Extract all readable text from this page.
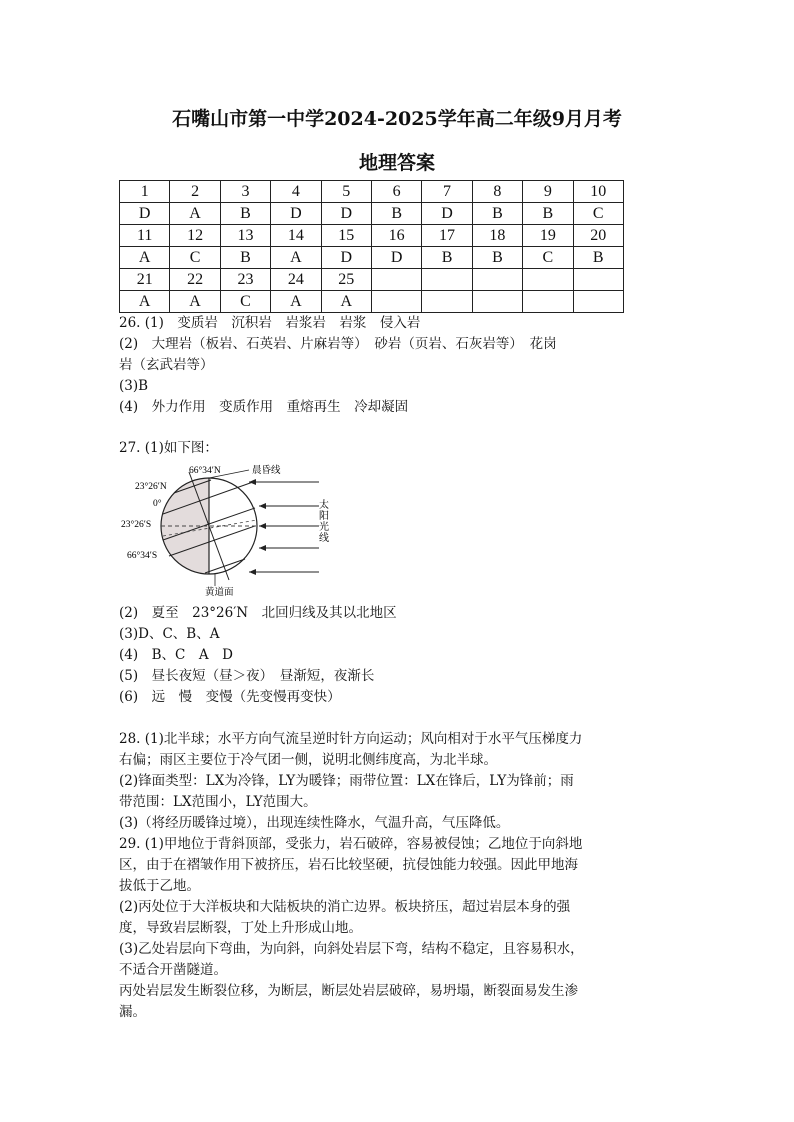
石嘴山市第一中学2024-2025学年高二年级9月月考
地理答案
1	2	3	4	5	6	7	8	9	10
D	A	B	D	D	B	D	B	B	C
11	12	13	14	15	16	17	18	19	20
A	C	B	A	D	D	B	B	C	B
21	22	23	24	25					
A	A	C	A	A					
26. (1)　变质岩　沉积岩　岩浆岩　岩浆　侵入岩
(2)　大理岩（板岩、石英岩、片麻岩等）　砂岩（页岩、石灰岩等）　花岗
岩（玄武岩等）
(3)B
(4)　外力作用　变质作用　重熔再生　冷却凝固
27. (1)如下图：
66°34′N	晨昏线
23°26′N
0°
23°26′S
66°34′S
太阳光线
黄道面
(2)　夏至　23°26′N　北回归线及其以北地区
(3)D、C、B、A
(4)　B、C　A　D
(5)　昼长夜短（昼＞夜）　昼渐短，夜渐长
(6)　远　慢　变慢（先变慢再变快）
28. (1)北半球；水平方向气流呈逆时针方向运动；风向相对于水平气压梯度力
右偏；雨区主要位于冷气团一侧，说明北侧纬度高，为北半球。
(2)锋面类型：LX为冷锋，LY为暖锋；雨带位置：LX在锋后，LY为锋前；雨
带范围：LX范围小，LY范围大。
(3)（将经历暖锋过境），出现连续性降水，气温升高，气压降低。
29. (1)甲地位于背斜顶部，受张力，岩石破碎，容易被侵蚀；乙地位于向斜地
区，由于在褶皱作用下被挤压，岩石比较坚硬，抗侵蚀能力较强。因此甲地海
拔低于乙地。
(2)丙处位于大洋板块和大陆板块的消亡边界。板块挤压，超过岩层本身的强
度，导致岩层断裂，丁处上升形成山地。
(3)乙处岩层向下弯曲，为向斜，向斜处岩层下弯，结构不稳定，且容易积水，
不适合开凿隧道。
丙处岩层发生断裂位移，为断层，断层处岩层破碎，易坍塌，断裂面易发生渗
漏。
